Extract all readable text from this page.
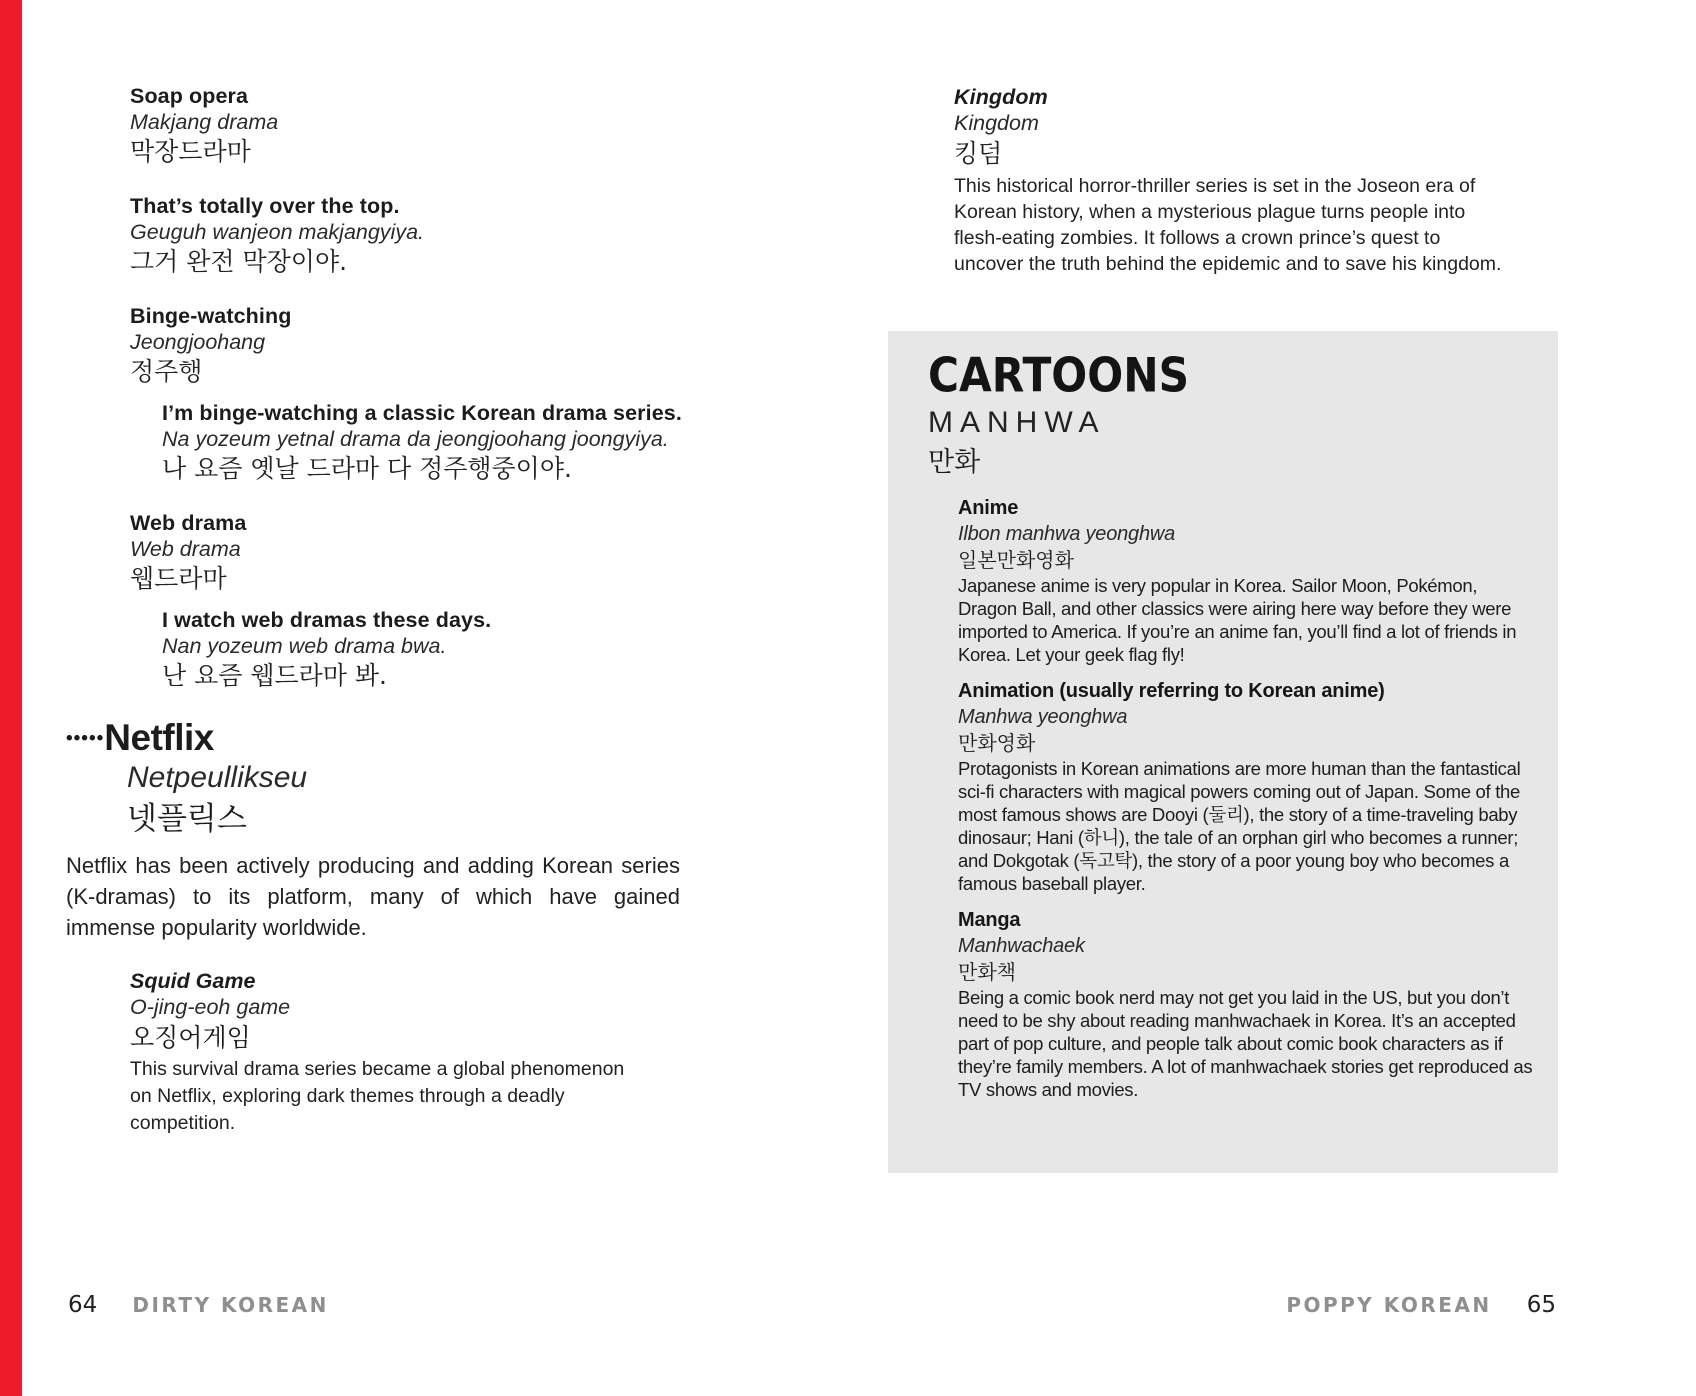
Soap opera
Makjang drama
막장드라마
That’s totally over the top.
Geuguh wanjeon makjangyiya.
그거 완전 막장이야.
Binge-watching
Jeongjoohang
정주행
I’m binge-watching a classic Korean drama series.
Na yozeum yetnal drama da jeongjoohang joongyiya.
나 요즘 옛날 드라마 다 정주행중이야.
Web drama
Web drama
웹드라마
I watch web dramas these days.
Nan yozeum web drama bwa.
난 요즘 웹드라마 봐.
•••••Netflix
Netpeullikseu
넷플릭스
Netflix has been actively producing and adding Korean series (K-dramas) to its platform, many of which have gained immense popularity worldwide.
Squid Game
O-jing-eoh game
오징어게임
This survival drama series became a global phenomenon on Netflix, exploring dark themes through a deadly competition.
Kingdom
Kingdom
킹덤
This historical horror-thriller series is set in the Joseon era of Korean history, when a mysterious plague turns people into flesh-eating zombies. It follows a crown prince’s quest to uncover the truth behind the epidemic and to save his kingdom.
CARTOONS
MANHWA
만화
Anime
Ilbon manhwa yeonghwa
일본만화영화
Japanese anime is very popular in Korea. Sailor Moon, Pokémon, Dragon Ball, and other classics were airing here way before they were imported to America. If you’re an anime fan, you’ll find a lot of friends in Korea. Let your geek flag fly!
Animation (usually referring to Korean anime)
Manhwa yeonghwa
만화영화
Protagonists in Korean animations are more human than the fantastical sci-fi characters with magical powers coming out of Japan. Some of the most famous shows are Dooyi (둘리), the story of a time-traveling baby dinosaur; Hani (하니), the tale of an orphan girl who becomes a runner; and Dokgotak (독고탁), the story of a poor young boy who becomes a famous baseball player.
Manga
Manhwachaek
만화책
Being a comic book nerd may not get you laid in the US, but you don’t need to be shy about reading manhwachaek in Korea. It’s an accepted part of pop culture, and people talk about comic book characters as if they’re family members. A lot of manhwachaek stories get reproduced as TV shows and movies.
64 DIRTY KOREAN	POPPY KOREAN 65
